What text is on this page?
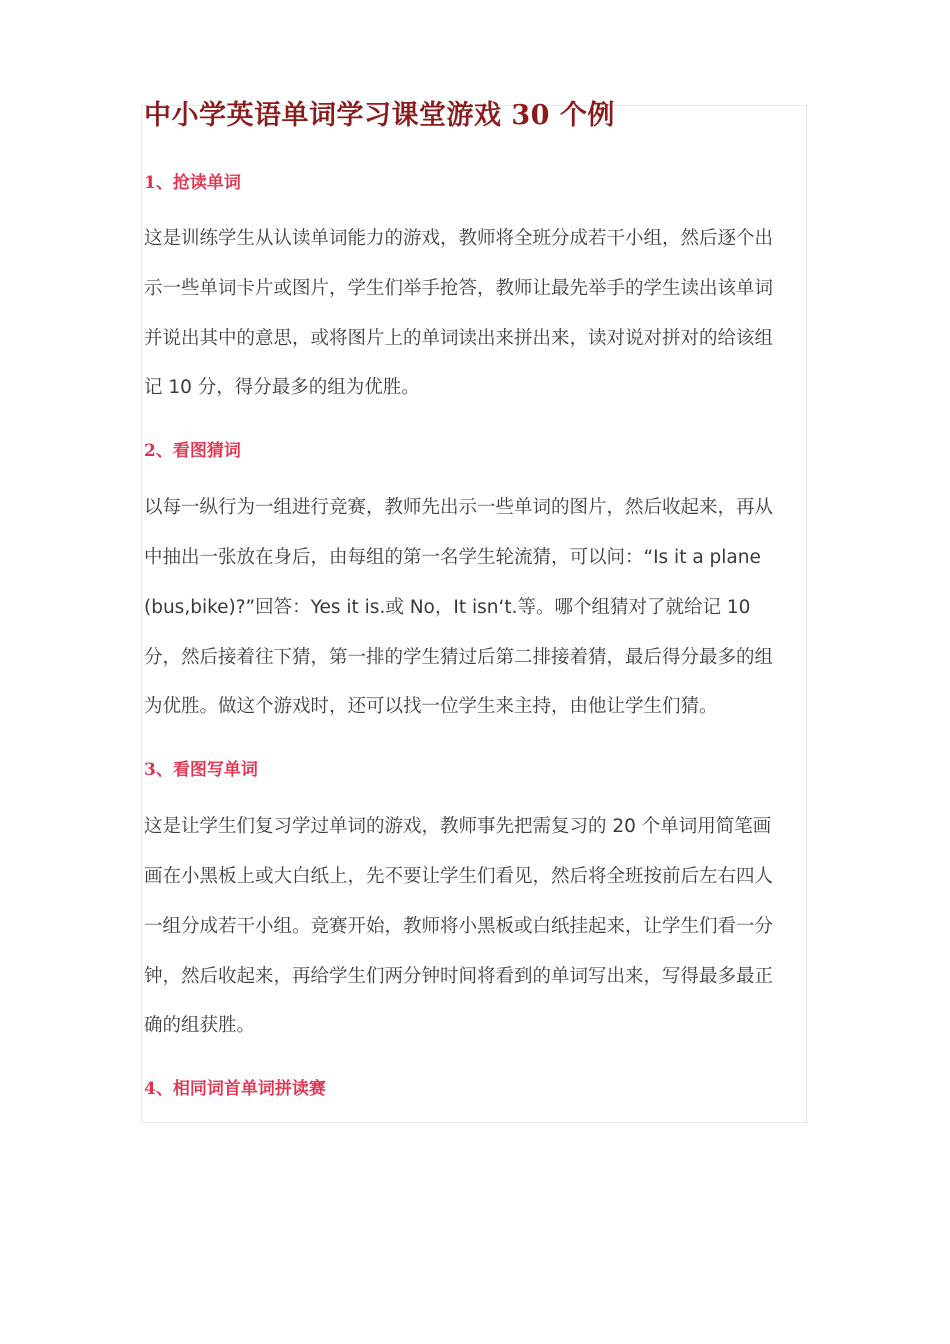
中小学英语单词学习课堂游戏 30 个例
1、抢读单词
这是训练学生从认读单词能力的游戏，教师将全班分成若干小组，然后逐个出
示一些单词卡片或图片，学生们举手抢答，教师让最先举手的学生读出该单词
并说出其中的意思，或将图片上的单词读出来拼出来，读对说对拼对的给该组
记 10 分，得分最多的组为优胜。
2、看图猜词
以每一纵行为一组进行竞赛，教师先出示一些单词的图片，然后收起来，再从
中抽出一张放在身后，由每组的第一名学生轮流猜，可以问：“Is it a plane
(bus,bike)?”回答：Yes it is.或 No，It isn‘t.等。哪个组猜对了就给记 10
分，然后接着往下猜，第一排的学生猜过后第二排接着猜，最后得分最多的组
为优胜。做这个游戏时，还可以找一位学生来主持，由他让学生们猜。
3、看图写单词
这是让学生们复习学过单词的游戏，教师事先把需复习的 20 个单词用简笔画
画在小黑板上或大白纸上，先不要让学生们看见，然后将全班按前后左右四人
一组分成若干小组。竞赛开始，教师将小黑板或白纸挂起来，让学生们看一分
钟，然后收起来，再给学生们两分钟时间将看到的单词写出来，写得最多最正
确的组获胜。
4、相同词首单词拼读赛
